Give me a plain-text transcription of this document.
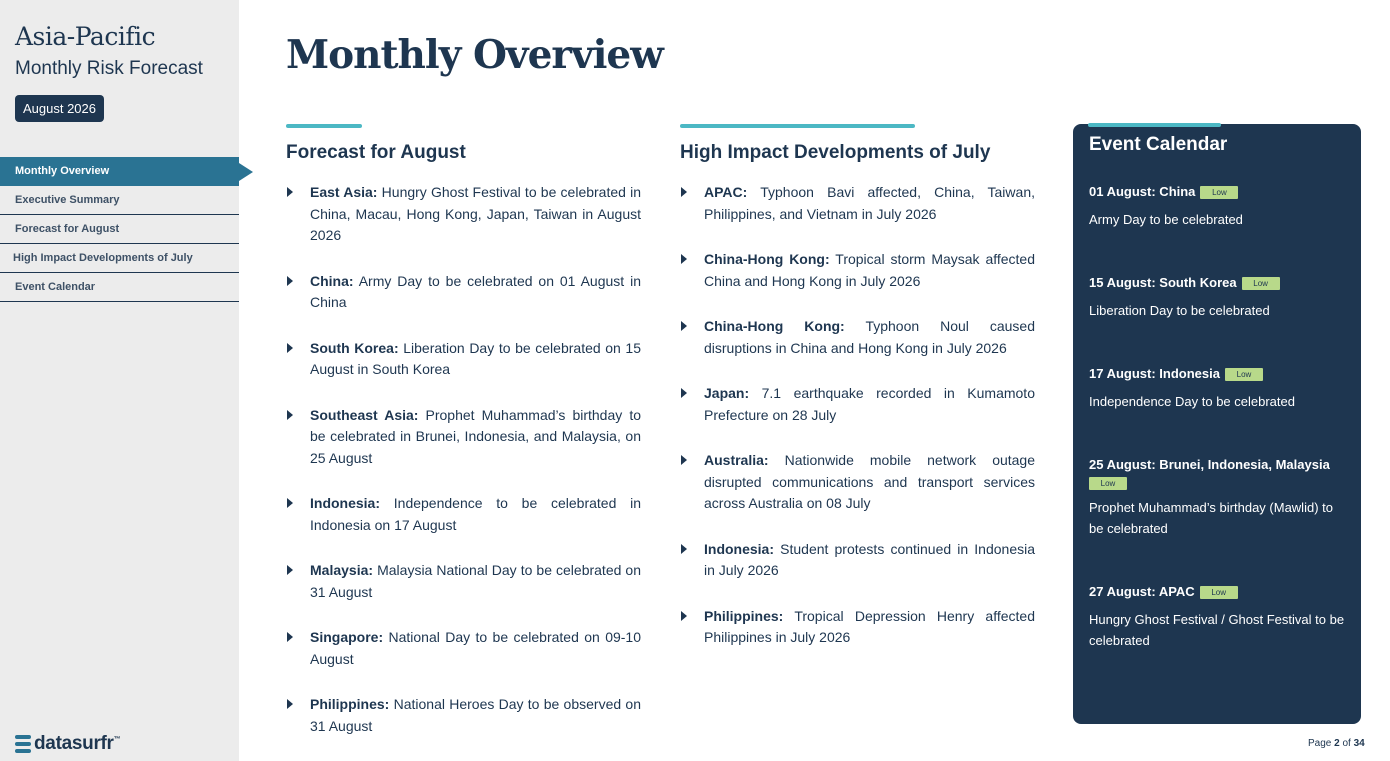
Asia-Pacific
Monthly Risk Forecast
August 2026
Monthly Overview
Executive Summary
Forecast for August
High Impact Developments of July
Event Calendar
datasurfr ™
Monthly Overview
Forecast for August
East Asia: Hungry Ghost Festival to be celebrated in China, Macau, Hong Kong, Japan, Taiwan in August 2026
China: Army Day to be celebrated on 01 August in China
South Korea: Liberation Day to be celebrated on 15 August in South Korea
Southeast Asia: Prophet Muhammad’s birthday to be celebrated in Brunei, Indonesia, and Malaysia, on 25 August
Indonesia: Independence to be celebrated in Indonesia on 17 August
Malaysia: Malaysia National Day to be celebrated on 31 August
Singapore: National Day to be celebrated on 09-10 August
Philippines: National Heroes Day to be observed on 31 August
High Impact Developments of July
APAC: Typhoon Bavi affected, China, Taiwan, Philippines, and Vietnam in July 2026
China-Hong Kong: Tropical storm Maysak affected China and Hong Kong in July 2026
China-Hong Kong: Typhoon Noul caused disruptions in China and Hong Kong in July 2026
Japan: 7.1 earthquake recorded in Kumamoto Prefecture on 28 July
Australia: Nationwide mobile network outage disrupted communications and transport services across Australia on 08 July
Indonesia: Student protests continued in Indonesia in July 2026
Philippines: Tropical Depression Henry affected Philippines in July 2026
Event Calendar
01 August: China Low
Army Day to be celebrated
15 August: South Korea Low
Liberation Day to be celebrated
17 August: Indonesia Low
Independence Day to be celebrated
25 August: Brunei, Indonesia, Malaysia
Low
Prophet Muhammad’s birthday (Mawlid) to be celebrated
27 August: APAC Low
Hungry Ghost Festival / Ghost Festival to be celebrated
Page 2 of 34
